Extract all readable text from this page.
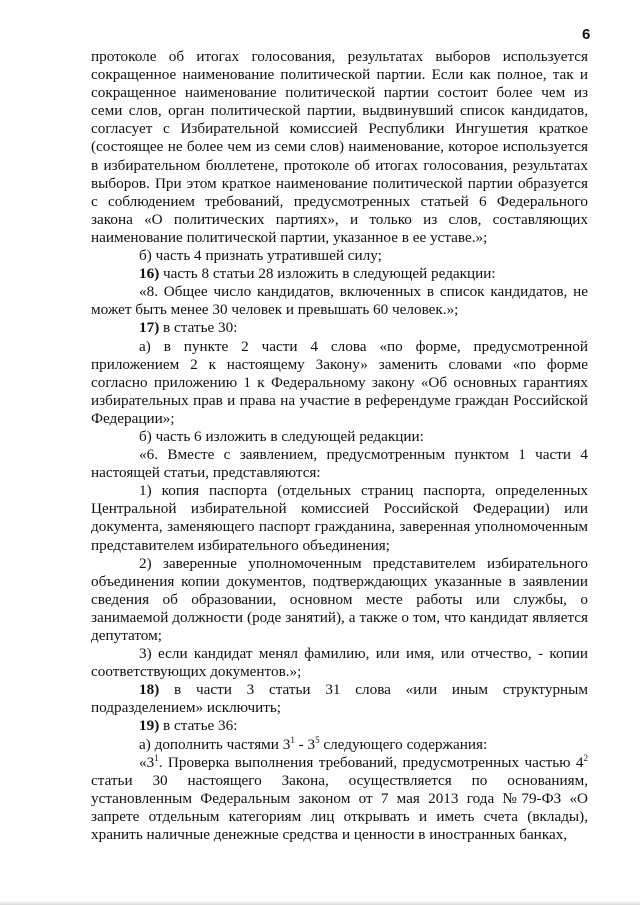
6

протоколе об итогах голосования, результатах выборов используется сокращенное наименование политической партии. Если как полное, так и сокращенное наименование политической партии состоит более чем из семи слов, орган политической партии, выдвинувший список кандидатов, согласует с Избирательной комиссией Республики Ингушетия краткое (состоящее не более чем из семи слов) наименование, которое используется в избирательном бюллетене, протоколе об итогах голосования, результатах выборов. При этом краткое наименование политической партии образуется с соблюдением требований, предусмотренных статьей 6 Федерального закона «О политических партиях», и только из слов, составляющих наименование политической партии, указанное в ее уставе.»;

б) часть 4 признать утратившей силу;

16) часть 8 статьи 28 изложить в следующей редакции:

«8. Общее число кандидатов, включенных в список кандидатов, не может быть менее 30 человек и превышать 60 человек.»;

17) в статье 30:

а) в пункте 2 части 4 слова «по форме, предусмотренной приложением 2 к настоящему Закону» заменить словами «по форме согласно приложению 1 к Федеральному закону «Об основных гарантиях избирательных прав и права на участие в референдуме граждан Российской Федерации»;

б) часть 6 изложить в следующей редакции:

«6. Вместе с заявлением, предусмотренным пунктом 1 части 4 настоящей статьи, представляются:

1) копия паспорта (отдельных страниц паспорта, определенных Центральной избирательной комиссией Российской Федерации) или документа, заменяющего паспорт гражданина, заверенная уполномоченным представителем избирательного объединения;

2) заверенные уполномоченным представителем избирательного объединения копии документов, подтверждающих указанные в заявлении сведения об образовании, основном месте работы или службы, о занимаемой должности (роде занятий), а также о том, что кандидат является депутатом;

3) если кандидат менял фамилию, или имя, или отчество, - копии соответствующих документов.»;

18) в части 3 статьи 31 слова «или иным структурным подразделением» исключить;

19) в статье 36:

а) дополнить частями $3^1 - 3^5$ следующего содержания:

«$3^1$. Проверка выполнения требований, предусмотренных частью $4^2$ статьи 30 настоящего Закона, осуществляется по основаниям, установленным Федеральным законом от 7 мая 2013 года №79-ФЗ «О запрете отдельным категориям лиц открывать и иметь счета (вклады), хранить наличные денежные средства и ценности в иностранных банках,
